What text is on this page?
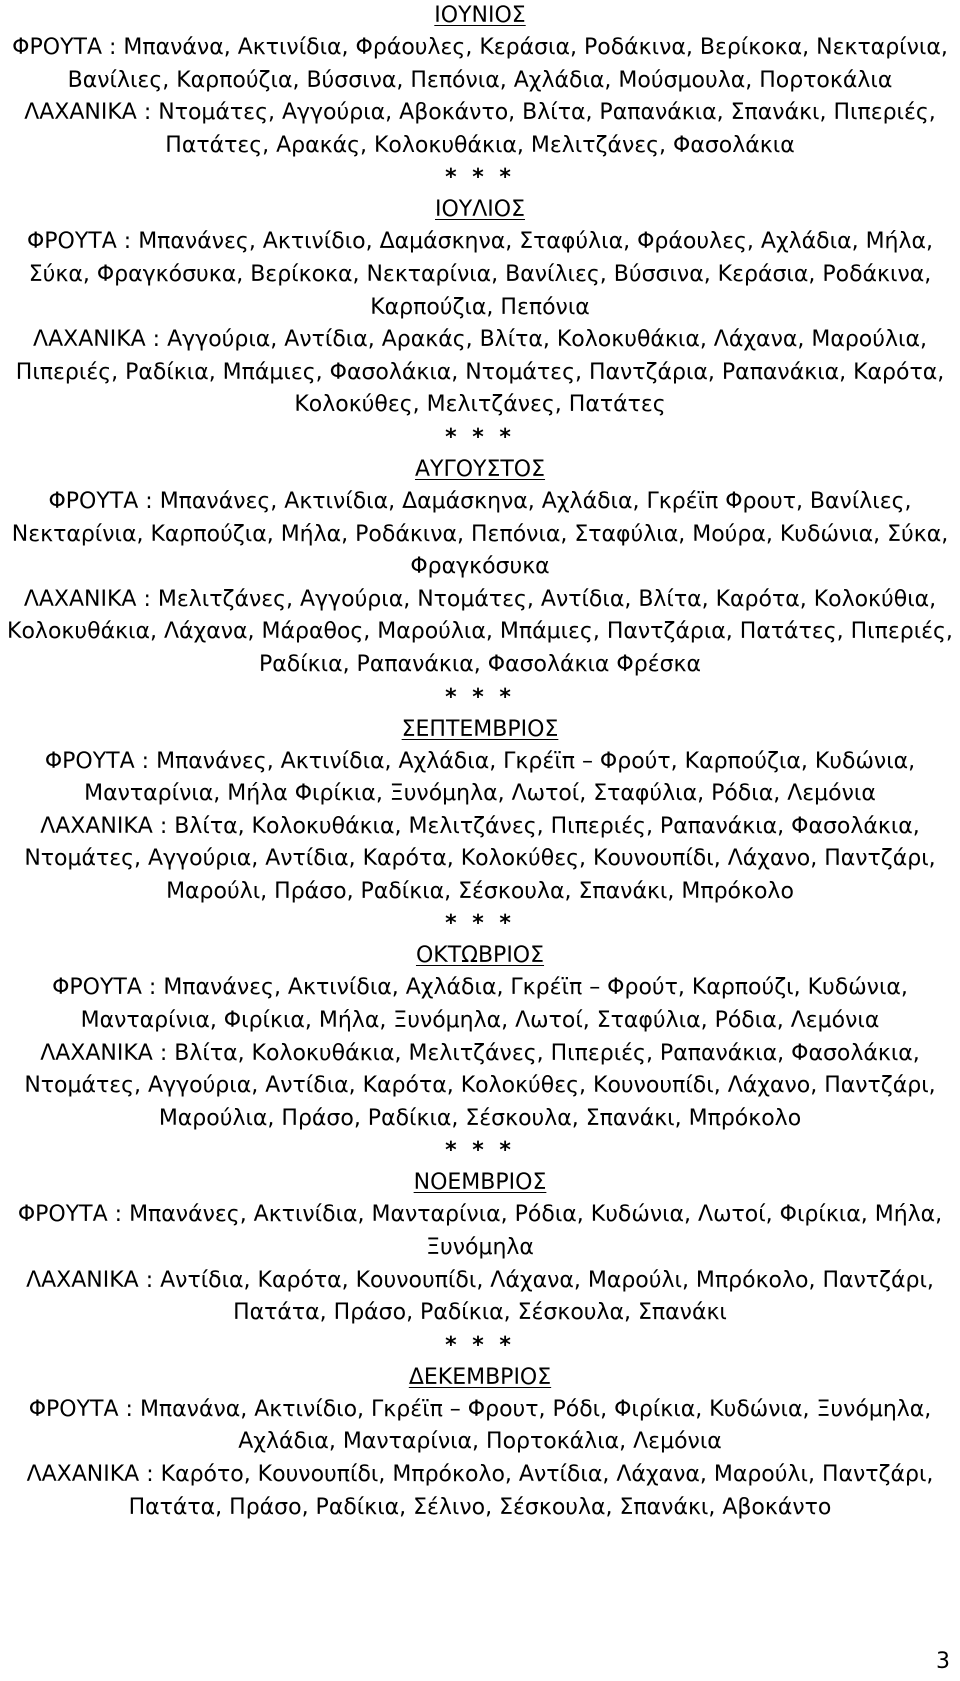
ΙΟΥΝΙΟΣ

ΦΡΟΥΤΑ : Μπανάνα, Ακτινίδια, Φράουλες, Κεράσια, Ροδάκινα, Βερίκοκα, Νεκταρίνια, Βανίλιες, Καρπούζια, Βύσσινα, Πεπόνια, Αχλάδια, Μούσμουλα, Πορτοκάλια

ΛΑΧΑΝΙΚΑ : Ντομάτες, Αγγούρια, Αβοκάντο, Βλίτα, Ραπανάκια, Σπανάκι, Πιπεριές, Πατάτες, Αρακάς, Κολοκυθάκια, Μελιτζάνες, Φασολάκια

* * *
ΙΟΥΛΙΟΣ

ΦΡΟΥΤΑ : Μπανάνες, Ακτινίδιο, Δαμάσκηνα, Σταφύλια, Φράουλες, Αχλάδια, Μήλα, Σύκα, Φραγκόσυκα, Βερίκοκα, Νεκταρίνια, Βανίλιες, Βύσσινα, Κεράσια, Ροδάκινα, Καρπούζια, Πεπόνια

ΛΑΧΑΝΙΚΑ : Αγγούρια, Αντίδια, Αρακάς, Βλίτα, Κολοκυθάκια, Λάχανα, Μαρούλια, Πιπεριές, Ραδίκια, Μπάμιες, Φασολάκια, Ντομάτες, Παντζάρια, Ραπανάκια, Καρότα, Κολοκύθες, Μελιτζάνες, Πατάτες

* * *
ΑΥΓΟΥΣΤΟΣ

ΦΡΟΥΤΑ : Μπανάνες, Ακτινίδια, Δαμάσκηνα, Αχλάδια, Γκρέϊπ Φρουτ, Βανίλιες, Νεκταρίνια, Καρπούζια, Μήλα, Ροδάκινα, Πεπόνια, Σταφύλια, Μούρα, Κυδώνια, Σύκα, Φραγκόσυκα

ΛΑΧΑΝΙΚΑ : Μελιτζάνες, Αγγούρια, Ντομάτες, Αντίδια, Βλίτα, Καρότα, Κολοκύθια, Κολοκυθάκια, Λάχανα, Μάραθος, Μαρούλια, Μπάμιες, Παντζάρια, Πατάτες, Πιπεριές, Ραδίκια, Ραπανάκια, Φασολάκια Φρέσκα

* * *
ΣΕΠΤΕΜΒΡΙΟΣ

ΦΡΟΥΤΑ : Μπανάνες, Ακτινίδια, Αχλάδια, Γκρέϊπ – Φρούτ, Καρπούζια, Κυδώνια, Μανταρίνια, Μήλα Φιρίκια, Ξυνόμηλα, Λωτοί, Σταφύλια, Ρόδια, Λεμόνια

ΛΑΧΑΝΙΚΑ : Βλίτα, Κολοκυθάκια, Μελιτζάνες, Πιπεριές, Ραπανάκια, Φασολάκια, Ντομάτες, Αγγούρια, Αντίδια, Καρότα, Κολοκύθες, Κουνουπίδι, Λάχανο, Παντζάρι, Μαρούλι, Πράσο, Ραδίκια, Σέσκουλα, Σπανάκι, Μπρόκολο

* * *
ΟΚΤΩΒΡΙΟΣ

ΦΡΟΥΤΑ : Μπανάνες, Ακτινίδια, Αχλάδια, Γκρέϊπ – Φρούτ, Καρπούζι, Κυδώνια, Μανταρίνια, Φιρίκια, Μήλα, Ξυνόμηλα, Λωτοί, Σταφύλια, Ρόδια, Λεμόνια

ΛΑΧΑΝΙΚΑ : Βλίτα, Κολοκυθάκια, Μελιτζάνες, Πιπεριές, Ραπανάκια, Φασολάκια, Ντομάτες, Αγγούρια, Αντίδια, Καρότα, Κολοκύθες, Κουνουπίδι, Λάχανο, Παντζάρι, Μαρούλια, Πράσο, Ραδίκια, Σέσκουλα, Σπανάκι, Μπρόκολο

* * *
ΝΟΕΜΒΡΙΟΣ

ΦΡΟΥΤΑ : Μπανάνες, Ακτινίδια, Μανταρίνια, Ρόδια, Κυδώνια, Λωτοί, Φιρίκια, Μήλα, Ξυνόμηλα

ΛΑΧΑΝΙΚΑ : Αντίδια, Καρότα, Κουνουπίδι, Λάχανα, Μαρούλι, Μπρόκολο, Παντζάρι, Πατάτα, Πράσο, Ραδίκια, Σέσκουλα, Σπανάκι

* * *
ΔΕΚΕΜΒΡΙΟΣ

ΦΡΟΥΤΑ : Μπανάνα, Ακτινίδιο, Γκρέϊπ – Φρουτ, Ρόδι, Φιρίκια, Κυδώνια, Ξυνόμηλα, Αχλάδια, Μανταρίνια, Πορτοκάλια, Λεμόνια

ΛΑΧΑΝΙΚΑ : Καρότο, Κουνουπίδι, Μπρόκολο, Αντίδια, Λάχανα, Μαρούλι, Παντζάρι, Πατάτα, Πράσο, Ραδίκια, Σέλινο, Σέσκουλα, Σπανάκι, Αβοκάντο

3
